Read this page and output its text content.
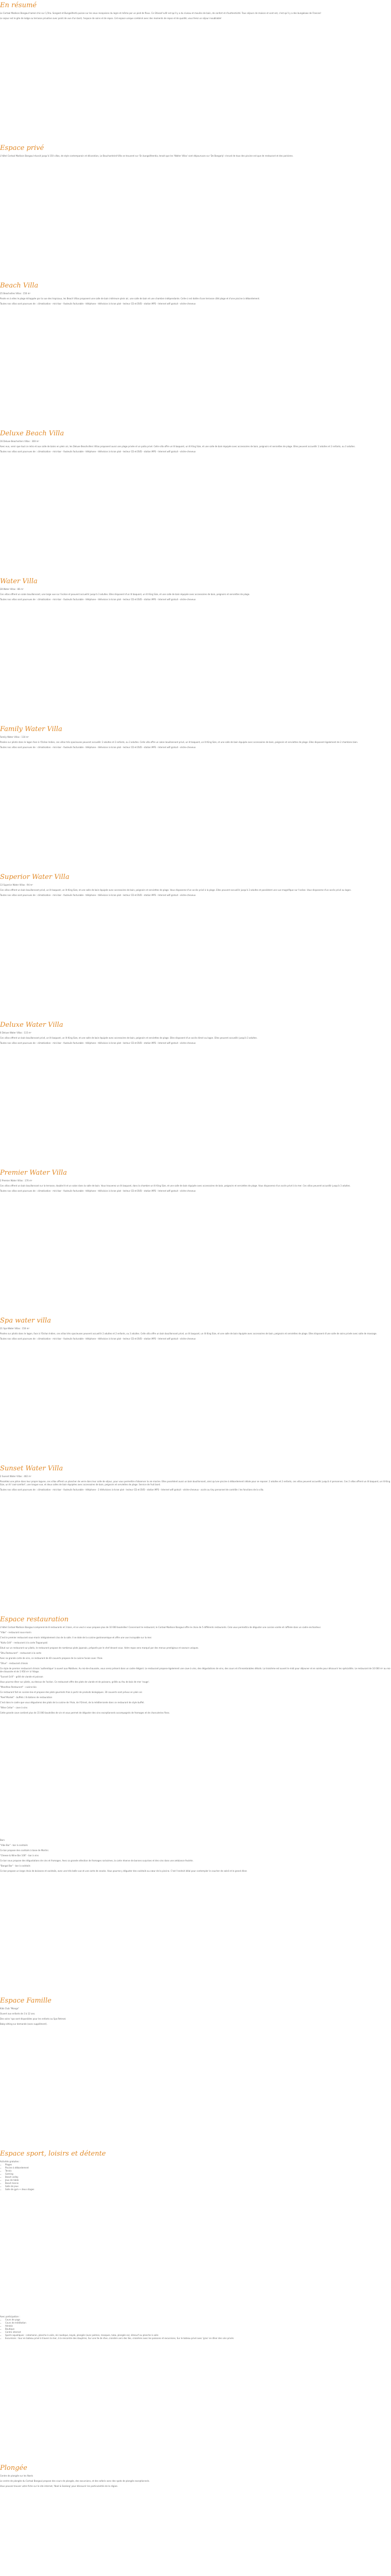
En résumé

Le Cortaal Madison Bangaul hamel chic sur 1,5ha. Songeet et Bungalifenfa puisse sur les seux recepsions du logre et même par un pied de fleux. Ce Gfassaf sufir est qu'il y a du niveau et moulins de bain, de confort et d'authenticité. Tous séjours de maison et vont est, c'est qu'il y a des bungalows de Frances!

Le sejour est le gite de lodge ou terrasse privative avec point de vue d'un bord, l'espace de soins et de repos. Cet espace unique combiné avec des moments de repos et de qualité, vous ferez un séjour inoubliable!

Espace privé

L'hôtel Cortaal Madison Bangaul réussit jusqu'à 150 villas, de style contemporain et décoration, Le Bouchardeiné-Villa se trouvent sur 'En bungalifeentia, tenait que les 'Walter Villas' sont dépourvues sur 'De Bangarly' s'erusé de tous des piscine est que de restaurant et des parisiens.

Beach Villa

25 Beachvilles Villas : 150 m²

Posée en à elles le plage échappée par la vue des tropicaux, les Beach Villas proposent une salle de bain intérieure plein air, une salle de bain et une chambre indépendante. Celle-ci est dotée d'une terrasse côté plage et d'une piscine à débordement.

Toutes nos villas sont pourvues de : climatisation - mini-bar - fauteuils facturable - téléphone - télévision à écran plat - lecteur CD et DVD - station MP3 - Internet wifi gratuit - sèche-cheveux

Deluxe Beach Villa

16 Deluxe Beachvillers Villas : 300 m²

Avec eux, venir que tout ce retro et aux salle de bains en plein air, les Deluxe Beachvillers Villas proposent aussi une plage privée et un patio privé. Celle villa offre un lit baquant, un lit King Size, et une salle de bain équipée avec accessoires de bain, peignoirs et serviettes de plage. Elles peuvent accueillir 2 adultes et 2 enfants, ou 3 adultes.

Toutes nos villas sont pourvues de : climatisation - mini-bar - fauteuils facturable - téléphone - télévision à écran plat - lecteur CD et DVD - station MP3 - Internet wifi gratuit - sèche-cheveux

Water Villa

28 Water Villas : 86 m²

Ces villas offrent un salon bouillonnant, une large vue sur l'océan et peuvent accueillir jusqu'à 3 adultes. Elles disposent d'un lit baquant, un lit King Size, et une salle de bain équipée avec accessoires de bain, peignoirs et serviettes de plage.

Toutes nos villas sont pourvues de : climatisation - mini-bar - fauteuils facturable - téléphone - télévision à écran plat - lecteur CD et DVD - station MP3 - Internet wifi gratuit - sèche-cheveux

Family Water Villa

Family Water Villas : 110 m²

Posées sur pilotis dans le lagon face à l'Océan Indien, ces villas très spacieuses peuvent accueillir 2 adultes et 2 enfants, ou 3 adultes. Celle villa offre un salon bouillonnant privé, un lit baquant, un lit King Size, et une salle de bain équipée avec accessoires de bain, peignoirs et serviettes de plage. Elles disposent également de 2 chambres bien.

Toutes nos villas sont pourvues de : climatisation - mini-bar - fauteuils facturable - téléphone - télévision à écran plat - lecteur CD et DVD - station MP3 - Internet wifi gratuit - sèche-cheveux

Superior Water Villa

13 Superior Water Villas : 94 m²

Ces villas offrent un bain bouillonnant privé, un lit baquant, un lit King Size, et une salle de bain équipée avec accessoires de bain, peignoirs et serviettes de plage. Vous disposerez d'un accès privé à la plage. Elles peuvent accueillir jusqu'à 3 adultes et possèdent une vue magnifique sur l'océan. Vous disposerez d'un accès privé au lagon.

Toutes nos villas sont pourvues de : climatisation - mini-bar - fauteuils facturable - téléphone - télévision à écran plat - lecteur CD et DVD - station MP3 - Internet wifi gratuit - sèche-cheveux

Deluxe Water Villa

6 Deluxe Water Villas : 115 m²

Ces villas offrent un bain bouillonnant privé, un lit baquant, un lit King Size, et une salle de bain équipée avec accessoires de bain, peignoirs et serviettes de plage. Elles disposent d'un accès direct au lagon. Elles peuvent accueillir jusqu'à 3 adultes.

Toutes nos villas sont pourvues de : climatisation - mini-bar - fauteuils facturable - téléphone - télévision à écran plat - lecteur CD et DVD - station MP3 - Internet wifi gratuit - sèche-cheveux

Premier Water Villa

2 Premier Water Villas : 170 m²

Ces villas offrent un bain bouillonnant sur la terrasse, double lit et un salon dans la salle de bain. Vous trouverez un lit baquant, dans la chambre un lit King Size, et une salle de bain équipée avec accessoires de bain, peignoirs et serviettes de plage. Vous disposerez d'un accès privé à la mer. Ces villas peuvent accueillir jusqu'à 3 adultes.

Toutes nos villas sont pourvues de : climatisation - mini-bar - fauteuils facturable - téléphone - télévision à écran plat - lecteur CD et DVD - station MP3 - Internet wifi gratuit - sèche-cheveux

Spa water villa

21 Spa Water Villas : 150 m²

Posées sur pilotis dans le lagon, face à l'Océan Indien, ces villas très spacieuses peuvent accueillir 2 adultes et 2 enfants, ou 3 adultes. Celle villa offre un bain bouillonnant privé, un lit baquant, un lit King Size, et une salle de bain équipée avec accessoires de bain, peignoirs et serviettes de plage. Elles disposent d'une salle de soins privée avec salle de massage.

Toutes nos villas sont pourvues de : climatisation - mini-bar - fauteuils facturable - téléphone - télévision à écran plat - lecteur CD et DVD - station MP3 - Internet wifi gratuit - sèche-cheveux

Sunset Water Villa

2 Sunset Water Villas : 402 m²

Possédez une pièce dans leur propre lagune, ces villas offrent un plancher de verre dans leur salle de séjour, pour vous permettre d'observer la vie marine. Elles possèdent aussi un bain bouillonnant, ainsi qu'une piscine à débordement idéale pour se reposer. 2 adultes et 2 enfants, ces villas peuvent accueillir jusqu'à 4 personnes. Ces 2 villas offrent un lit baquant, un lit King Size, un lit 'cool-comfort', une longue vue, et deux salles de bain équipées avec accessoires de bain, peignoirs et serviettes de plage. Service de fruit bord.

Toutes nos villas sont pourvues de : climatisation - mini-bar - fauteuils facturable - téléphone - 2 télévisions à écran plat - lecteur CD et DVD - station MP3 - Internet wifi gratuit - sèche-cheveux - accès au tiny personnel de contrôle / les fonctions de la villa.

Espace restauration

L'hôtel Cortaal Madison Bangaul comprend de 8 restaurants et 3 bars, et se veut si vous propose plus de 10 000 bouteilles! Concernant le restaurant, le Cortaal Madison Bangaul offre le choix de 5 différents restaurants. Cela vous permettra de déguster une cuisine variée et raffinée dans un cadre enchanteur.

"Vibe" - restaurant sous-marin

C'est le premier restaurant sous-marin intégralement clos de la salle. Il se dote de la cuisine gastronomique et offre une vue incroyable sur la mer.

"Kaitu Grill" - restaurant à la carte Teppanyaki

Situé sur un restaurant sur pilotis, le restaurant propose de nombreux plats japonais, préparés par le chef devant vous. Votre repas sera marqué par des menus prestigieux et saveurs uniques.

"Dhu Restaurant" - restaurant à la carte

Avec sa grande carte de vins, ce restaurant de 40 couverts propose de la cuisine fusion avec l'Asie.

"Olive" - restaurant chinois

Ce style de premier restaurant chinois 'authentique' à ouvert aux Maldives. Au rez-de-chaussée, vous serez présent dans un cadre élégant. Le restaurant propose également une cave à vins, des dégustations de vins, des cours et d'innombrables détails. La troisième est ouvert le midi pour déjeuner et en soirée pour découvrir les spécialités. Le restaurant de 10 000 m² au rez-de-chaussée et de 1 950 m² à l'étage.

"Sunset Grill" - grillé de viande et poisson

Vous pourrez dîner sur pilotis, au-dessus de l'océan. Ce restaurant offre des plats de viande et de poissons, grillés au feu de bois de mer 'rouge'.

"Mandhoo Restaurant" - cuisine bio

Ce restaurant fait en cuisine bio et propose des plats gourmets frais à partir de produits biologiques. 30 couverts sont prévus en plein air.

"Reef Market" - buffets / 8 stations de restauration

C'est dans le cadre que vous dégusterez des plats de la cuisine de l'Asie, de l'Orient, de la méditerranée dans ce restaurant de style buffet.

"Wine Cellar" - cave à vins

Cette grande cave contient plus de 15 000 bouteilles de vin et vous permet de déguster des vins exceptionnels accompagnés de fromages et de charcuteries fines.

Bars

"Vibe Bar" - bar à cocktails

Ce bar propose des cocktails à base de Martini.

"Cheese & Wine Bar 100" - bar à vins

Ce bar vous propose des dégustations de vins et fromages. Avec sa grande sélection de fromages rarissimes, la carte réserve de bonnes surprises et des vins dans une ambiance feutrée.

"Bangal Bar" - bar à cocktails

Ce bar propose un large choix de boissons et cocktails, avec une très belle vue et une carte de snacks. Vous pourrez y déguster des cocktails au cœur de la piscine. C'est l'endroit idéal pour contempler le coucher de soleil et le grand dîner.

Espace Famille

Kids Club "Mango"

Ouvert aux enfants de 3 à 12 ans.

Des soins 'spa sont disponibles pour les enfants au Spa Retreat.

Baby-sitting sur demande (avec supplément).

Espace sport, loisirs et détente

Activités gratuites :

• Plages
• Piscine à débordement
• Tennis
• Gaming
• Beach volley
• Jeux de table
• Beach tennis
• Salle de jeux
• Salle de gym + deux stages

Avec participation :

• Cours de yoga
• Cours de méditation
• Aérobic
• Boutique
• Centre internet
• Sports aquatiques : catamaran, planche à voile, ski nautique, kayak, plongée (avec palmes, masques, tuba, plongée ex), kitesurf ou planche à voile
• Excursions : tour en bateau privé à travers la mer, à la rencontre des dauphins, Sur une île de rêve, croisière vers des îles, croisières avec les poissons et excursions, Sur le bateau privé avec 'gras' en dîner des vins privés
Plongée

Centre de plongée sur les Noels

Le centre de plongée du Cortaal Bangaul propose des cours de plongée, des excursions, et des safaris avec des spots de plongée exceptionnels.

Vous pouvez trouver votre fiche sur le site internet, 'Noel & Sealong' pour découvrir les particularités de la région.
